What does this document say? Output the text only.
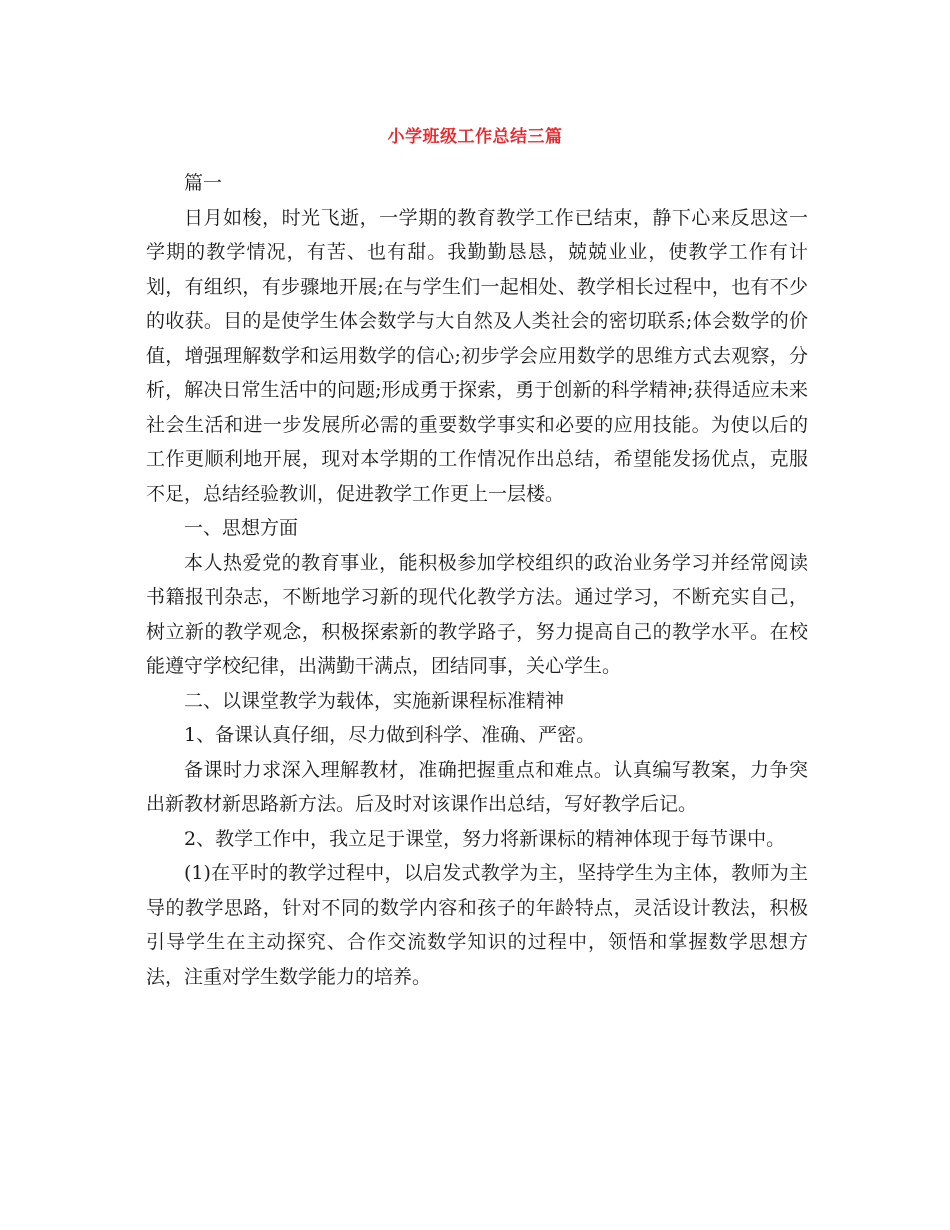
小学班级工作总结三篇

篇一

日月如梭，时光飞逝，一学期的教育教学工作已结束，静下心来反思这一学期的教学情况，有苦、也有甜。我勤勤恳恳，兢兢业业，使教学工作有计划，有组织，有步骤地开展;在与学生们一起相处、教学相长过程中，也有不少的收获。目的是使学生体会数学与大自然及人类社会的密切联系;体会数学的价值，增强理解数学和运用数学的信心;初步学会应用数学的思维方式去观察，分析，解决日常生活中的问题;形成勇于探索，勇于创新的科学精神;获得适应未来社会生活和进一步发展所必需的重要数学事实和必要的应用技能。为使以后的工作更顺利地开展，现对本学期的工作情况作出总结，希望能发扬优点，克服不足，总结经验教训，促进教学工作更上一层楼。

一、思想方面

本人热爱党的教育事业，能积极参加学校组织的政治业务学习并经常阅读书籍报刊杂志，不断地学习新的现代化教学方法。通过学习，不断充实自己，树立新的教学观念，积极探索新的教学路子，努力提高自己的教学水平。在校能遵守学校纪律，出满勤干满点，团结同事，关心学生。

二、以课堂教学为载体，实施新课程标准精神

1、备课认真仔细，尽力做到科学、准确、严密。

备课时力求深入理解教材，准确把握重点和难点。认真编写教案，力争突出新教材新思路新方法。后及时对该课作出总结，写好教学后记。

2、教学工作中，我立足于课堂，努力将新课标的精神体现于每节课中。

(1)在平时的教学过程中，以启发式教学为主，坚持学生为主体，教师为主导的教学思路，针对不同的数学内容和孩子的年龄特点，灵活设计教法，积极引导学生在主动探究、合作交流数学知识的过程中，领悟和掌握数学思想方法，注重对学生数学能力的培养。
